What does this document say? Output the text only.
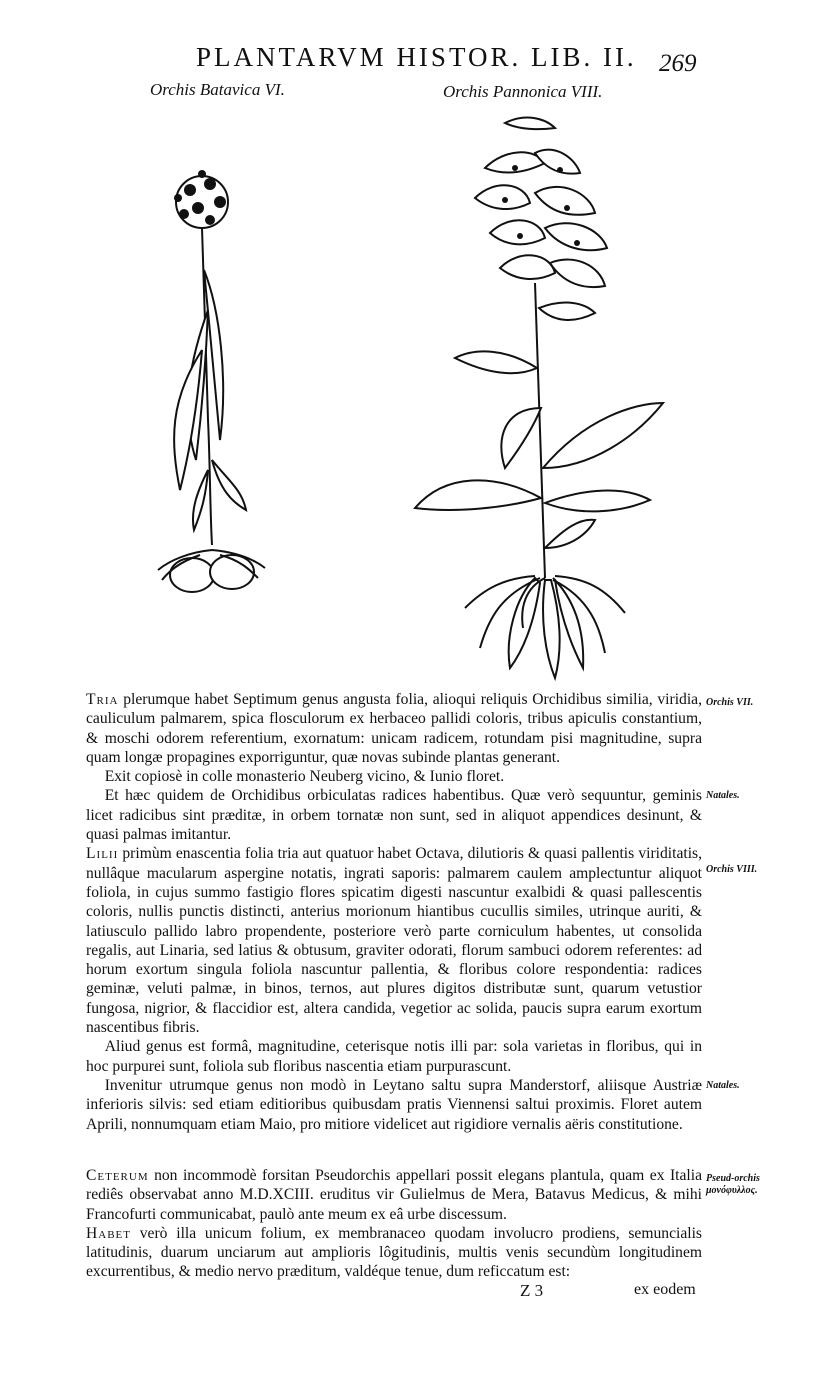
PLANTARVM HISTOR. LIB. II. 269
Orchis Batavica VI.	Orchis Pannonica VIII.

Tria plerumque habet Septimum genus angusta folia, alioqui reliquis Orchidibus similia, viridia, cauliculum palmarem, spica flosculorum ex herbaceo pallidi coloris, tribus apiculis constantium, & moschi odorem referentium, exornatum: unicam radicem, rotundam pisi magnitudine, supra quam longæ propagines exporriguntur, quæ novas subinde plantas generant.

Exit copiosè in colle monasterio Neuberg vicino, & Iunio floret.

Et hæc quidem de Orchidibus orbiculatas radices habentibus. Quæ verò sequuntur, geminis licet radicibus sint præditæ, in orbem tornatæ non sunt, sed in aliquot appendices desinunt, & quasi palmas imitantur.

Lilii primùm enascentia folia tria aut quatuor habet Octava, dilutioris & quasi pallentis viriditatis, nullâque macularum aspergine notatis, ingrati saporis: palmarem caulem amplectuntur aliquot foliola, in cujus summo fastigio flores spicatim digesti nascuntur exalbidi & quasi pallescentis coloris, nullis punctis distincti, anterius morionum hiantibus cucullis similes, utrinque auriti, & latiusculo pallido labro propendente, posteriore verò parte corniculum habentes, ut consolida regalis, aut Linaria, sed latius & obtusum, graviter odorati, florum sambuci odorem referentes: ad horum exortum singula foliola nascuntur pallentia, & floribus colore respondentia: radices geminæ, veluti palmæ, in binos, ternos, aut plures digitos distributæ sunt, quarum vetustior fungosa, nigrior, & flaccidior est, altera candida, vegetior ac solida, paucis supra earum exortum nascentibus fibris.

Aliud genus est formâ, magnitudine, ceterisque notis illi par: sola varietas in floribus, qui in hoc purpurei sunt, foliola sub floribus nascentia etiam purpurascunt.

Invenitur utrumque genus non modò in Leytano saltu supra Manderstorf, aliisque Austriæ inferioris silvis: sed etiam editioribus quibusdam pratis Viennensi saltui proximis. Floret autem Aprili, nonnumquam etiam Maio, pro mitiore videlicet aut rigidiore vernalis aëris constitutione.

Ceterum non incommodè forsitan Pseudorchis appellari possit elegans plantula, quam ex Italia rediês observabat anno M.D.XCIII. eruditus vir Gulielmus de Mera, Batavus Medicus, & mihi Francofurti communicabat, paulò ante meum ex eâ urbe discessum.

Habet verò illa unicum folium, ex membranaceo quodam involucro prodiens, semuncialis latitudinis, duarum unciarum aut amplioris lôgitudinis, multis venis secundùm longitudinem excurrentibus, & medio nervo præditum, valdéque tenue, dum reficcatum est:

Orchis VII.
Natales.
Orchis VIII.
Natales.
Pseud-orchis μονόφυλλος.
Z 3	ex eodem
